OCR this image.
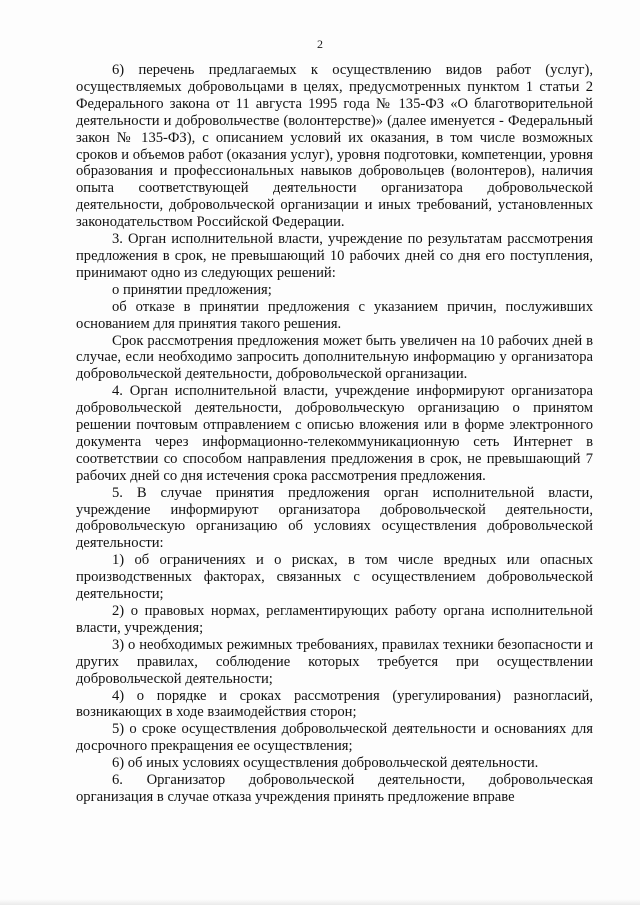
2

6) перечень предлагаемых к осуществлению видов работ (услуг), осуществляемых добровольцами в целях, предусмотренных пунктом 1 статьи 2 Федерального закона от 11 августа 1995 года № 135-ФЗ «О благотворительной деятельности и добровольчестве (волонтерстве)» (далее именуется - Федеральный закон № 135-ФЗ), с описанием условий их оказания, в том числе возможных сроков и объемов работ (оказания услуг), уровня подготовки, компетенции, уровня образования и профессиональных навыков добровольцев (волонтеров), наличия опыта соответствующей деятельности организатора добровольческой деятельности, добровольческой организации и иных требований, установленных законодательством Российской Федерации.

3. Орган исполнительной власти, учреждение по результатам рассмотрения предложения в срок, не превышающий 10 рабочих дней со дня его поступления, принимают одно из следующих решений:

о принятии предложения;

об отказе в принятии предложения с указанием причин, послуживших основанием для принятия такого решения.

Срок рассмотрения предложения может быть увеличен на 10 рабочих дней в случае, если необходимо запросить дополнительную информацию у организатора добровольческой деятельности, добровольческой организации.

4. Орган исполнительной власти, учреждение информируют организатора добровольческой деятельности, добровольческую организацию о принятом решении почтовым отправлением с описью вложения или в форме электронного документа через информационно-телекоммуникационную сеть Интернет в соответствии со способом направления предложения в срок, не превышающий 7 рабочих дней со дня истечения срока рассмотрения предложения.

5. В случае принятия предложения орган исполнительной власти, учреждение информируют организатора добровольческой деятельности, добровольческую организацию об условиях осуществления добровольческой деятельности:

1) об ограничениях и о рисках, в том числе вредных или опасных производственных факторах, связанных с осуществлением добровольческой деятельности;

2) о правовых нормах, регламентирующих работу органа исполнительной власти, учреждения;

3) о необходимых режимных требованиях, правилах техники безопасности и других правилах, соблюдение которых требуется при осуществлении добровольческой деятельности;

4) о порядке и сроках рассмотрения (урегулирования) разногласий, возникающих в ходе взаимодействия сторон;

5) о сроке осуществления добровольческой деятельности и основаниях для досрочного прекращения ее осуществления;

6) об иных условиях осуществления добровольческой деятельности.

6. Организатор добровольческой деятельности, добровольческая организация в случае отказа учреждения принять предложение вправе
